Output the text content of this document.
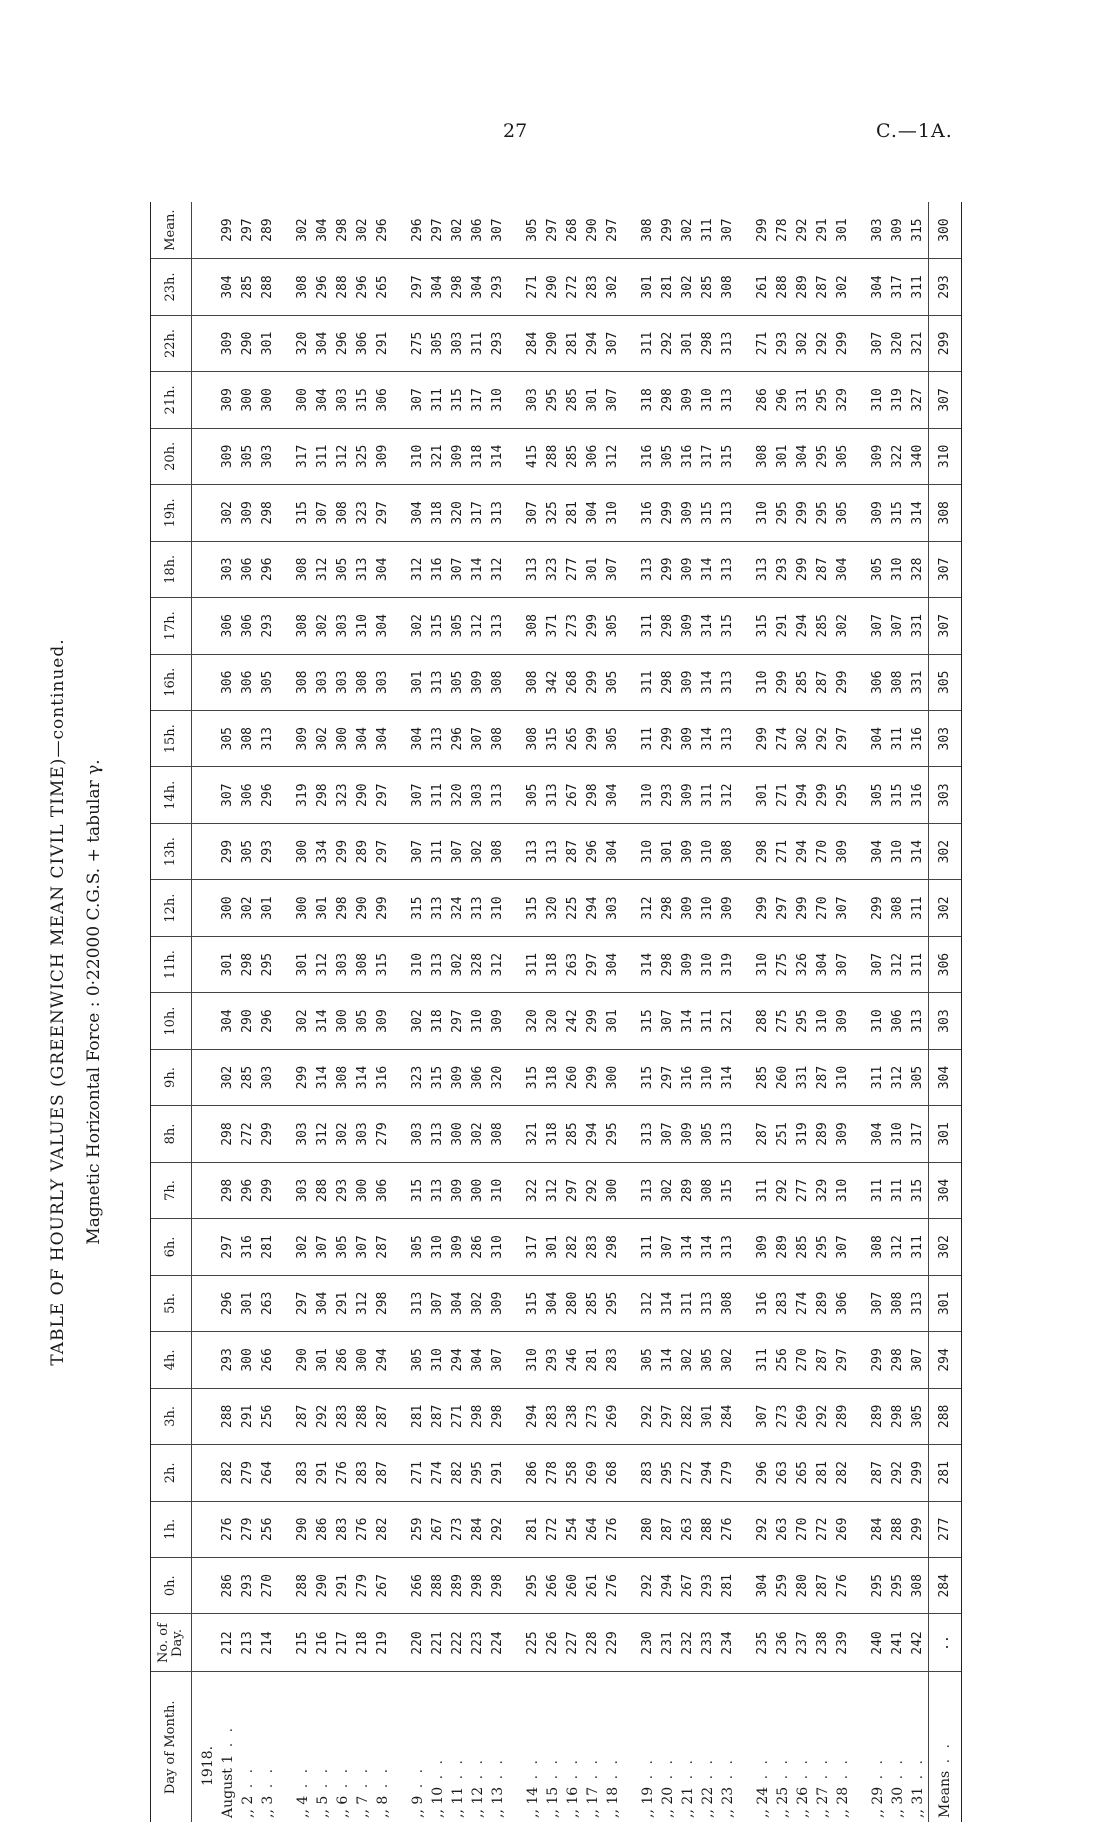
27	C.—1A.
TABLE OF HOURLY VALUES (GREENWICH MEAN CIVIL TIME)—continued. Magnetic Horizontal Force : 0·22000 C.G.S. + tabular γ.
Day of Month.	No. of Day.	0h.	1h.	2h.	3h.	4h.	5h.	6h.	7h.	8h.	9h.	10h.	11h.	12h.	13h.	14h.	15h.	16h.	17h.	18h.	19h.	20h.	21h.	22h.	23h.	Mean.
1918.																										
August 1 . .	212	286	276	282	288	293	296	297	298	298	302	304	301	300	299	307	305	306	306	303	302	309	309	309	304	299
,, 2 . .	213	293	279	279	291	300	301	316	296	272	285	290	298	302	305	306	308	306	306	306	309	305	300	290	285	297
,, 3 . .	214	270	256	264	256	266	263	281	299	299	303	296	295	301	293	296	313	305	293	296	298	303	300	301	288	289

,, 4 . .	215	288	290	283	287	290	297	302	303	303	299	302	301	300	300	319	309	308	308	308	315	317	300	320	308	302
,, 5 . .	216	290	286	291	292	301	304	307	288	312	314	314	312	301	334	298	302	303	302	312	307	311	304	304	296	304
,, 6 . .	217	291	283	276	283	286	291	305	293	302	308	300	303	298	299	323	300	303	303	305	308	312	303	296	288	298
,, 7 . .	218	279	276	283	288	300	312	307	300	303	314	305	308	290	289	290	304	308	310	313	323	325	315	306	296	302
,, 8 . .	219	267	282	287	287	294	298	287	306	279	316	309	315	299	297	297	304	303	304	304	297	309	306	291	265	296

,, 9 . .	220	266	259	271	281	305	313	305	315	303	323	302	310	315	307	307	304	301	302	312	304	310	307	275	297	296
,, 10 . .	221	288	267	274	287	310	307	310	313	313	315	318	313	313	311	311	313	313	315	316	318	321	311	305	304	297
,, 11 . .	222	289	273	282	271	294	304	309	309	300	309	297	302	324	307	320	296	305	305	307	320	309	315	303	298	302
,, 12 . .	223	298	284	295	298	304	302	286	300	302	306	310	328	313	302	303	307	309	312	314	317	318	317	311	304	306
,, 13 . .	224	298	292	291	298	307	309	310	310	308	320	309	312	310	308	313	308	308	313	312	313	314	310	293	293	307

,, 14 . .	225	295	281	286	294	310	315	317	322	321	315	320	311	315	313	305	308	308	308	313	307	415	303	284	271	305
,, 15 . .	226	266	272	278	283	293	304	301	312	318	318	320	318	320	313	313	315	342	371	323	325	288	295	290	290	297
,, 16 . .	227	260	254	258	238	246	280	282	297	285	260	242	263	225	287	267	265	268	273	277	281	285	285	281	272	268
,, 17 . .	228	261	264	269	273	281	285	283	292	294	299	299	297	294	296	298	299	299	299	301	304	306	301	294	283	290
,, 18 . .	229	276	276	268	269	283	295	298	300	295	300	301	304	303	304	304	305	305	305	307	310	312	307	307	302	297

,, 19 . .	230	292	280	283	292	305	312	311	313	313	315	315	314	312	310	310	311	311	311	313	316	316	318	311	301	308
,, 20 . .	231	294	287	295	297	314	314	307	302	307	297	307	298	298	301	293	299	298	298	299	299	305	298	292	281	299
,, 21 . .	232	267	263	272	282	302	311	314	289	309	316	314	309	309	309	309	309	309	309	309	309	316	309	301	302	302
,, 22 . .	233	293	288	294	301	305	313	314	308	305	310	311	310	310	310	311	314	314	314	314	315	317	310	298	285	311
,, 23 . .	234	281	276	279	284	302	308	313	315	313	314	321	319	309	308	312	313	313	315	313	313	315	313	313	308	307

,, 24 . .	235	304	292	296	307	311	316	309	311	287	285	288	310	299	298	301	299	310	315	313	310	308	286	271	261	299
,, 25 . .	236	259	263	263	273	256	283	289	292	251	260	275	275	297	271	271	274	299	291	293	295	301	296	293	288	278
,, 26 . .	237	280	270	265	269	270	274	285	277	319	331	295	326	299	294	294	302	285	294	299	299	304	331	302	289	292
,, 27 . .	238	287	272	281	292	287	289	295	329	289	287	310	304	270	270	299	292	287	285	287	295	295	295	292	287	291
,, 28 . .	239	276	269	282	289	297	306	307	310	309	310	309	307	307	309	295	297	299	302	304	305	305	329	299	302	301

,, 29 . .	240	295	284	287	289	299	307	308	311	304	311	310	307	299	304	305	304	306	307	305	309	309	310	307	304	303
,, 30 . .	241	295	288	292	298	298	308	312	311	310	312	306	312	308	310	315	311	308	307	310	315	322	319	320	317	309
,, 31 . .	242	308	299	299	305	307	313	311	315	317	305	313	311	311	314	316	316	331	331	328	314	340	327	321	311	315
Means . .	..	284	277	281	288	294	301	302	304	301	304	303	306	302	302	303	303	305	307	307	308	310	307	299	293	300
